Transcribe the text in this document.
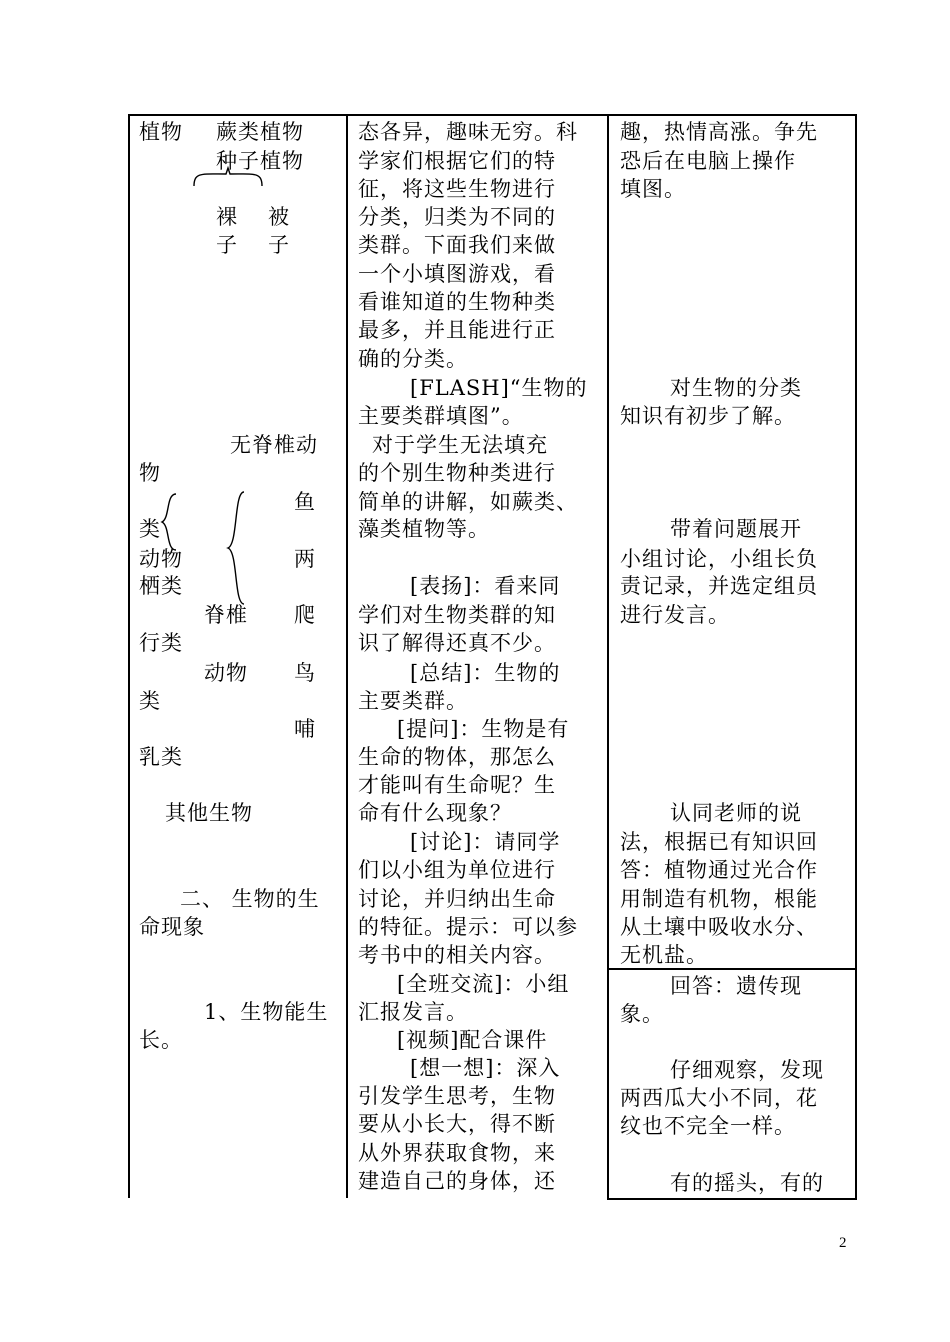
植物 蕨类植物
种子植物
裸 被
子 子
无脊椎动
物
鱼
类
动物	两
栖类
脊椎 爬
行类
动物 鸟
类
哺
乳类
其他生物
二、 生物的生
命现象
1、生物能生
长。
态各异，趣味无穷。科
学家们根据它们的特
征，将这些生物进行
分类，归类为不同的
类群。下面我们来做
一个小填图游戏，看
看谁知道的生物种类
最多，并且能进行正
确的分类。
[FLASH]“生物的
主要类群填图”。
对于学生无法填充
的个别生物种类进行
简单的讲解，如蕨类、
藻类植物等。
[表扬]：看来同
学们对生物类群的知
识了解得还真不少。
[总结]：生物的
主要类群。
[提问]：生物是有
生命的物体，那怎么
才能叫有生命呢？生
命有什么现象？
[讨论]：请同学
们以小组为单位进行
讨论，并归纳出生命
的特征。提示：可以参
考书中的相关内容。
[全班交流]：小组
汇报发言。
[视频]配合课件
[想一想]：深入
引发学生思考，生物
要从小长大，得不断
从外界获取食物，来
建造自己的身体，还
趣，热情高涨。争先
恐后在电脑上操作
填图。
对生物的分类
知识有初步了解。
带着问题展开
小组讨论，小组长负
责记录，并选定组员
进行发言。
认同老师的说
法，根据已有知识回
答：植物通过光合作
用制造有机物，根能
从土壤中吸收水分、
无机盐。
回答：遗传现
象。
仔细观察，发现
两西瓜大小不同，花
纹也不完全一样。
有的摇头，有的
2
